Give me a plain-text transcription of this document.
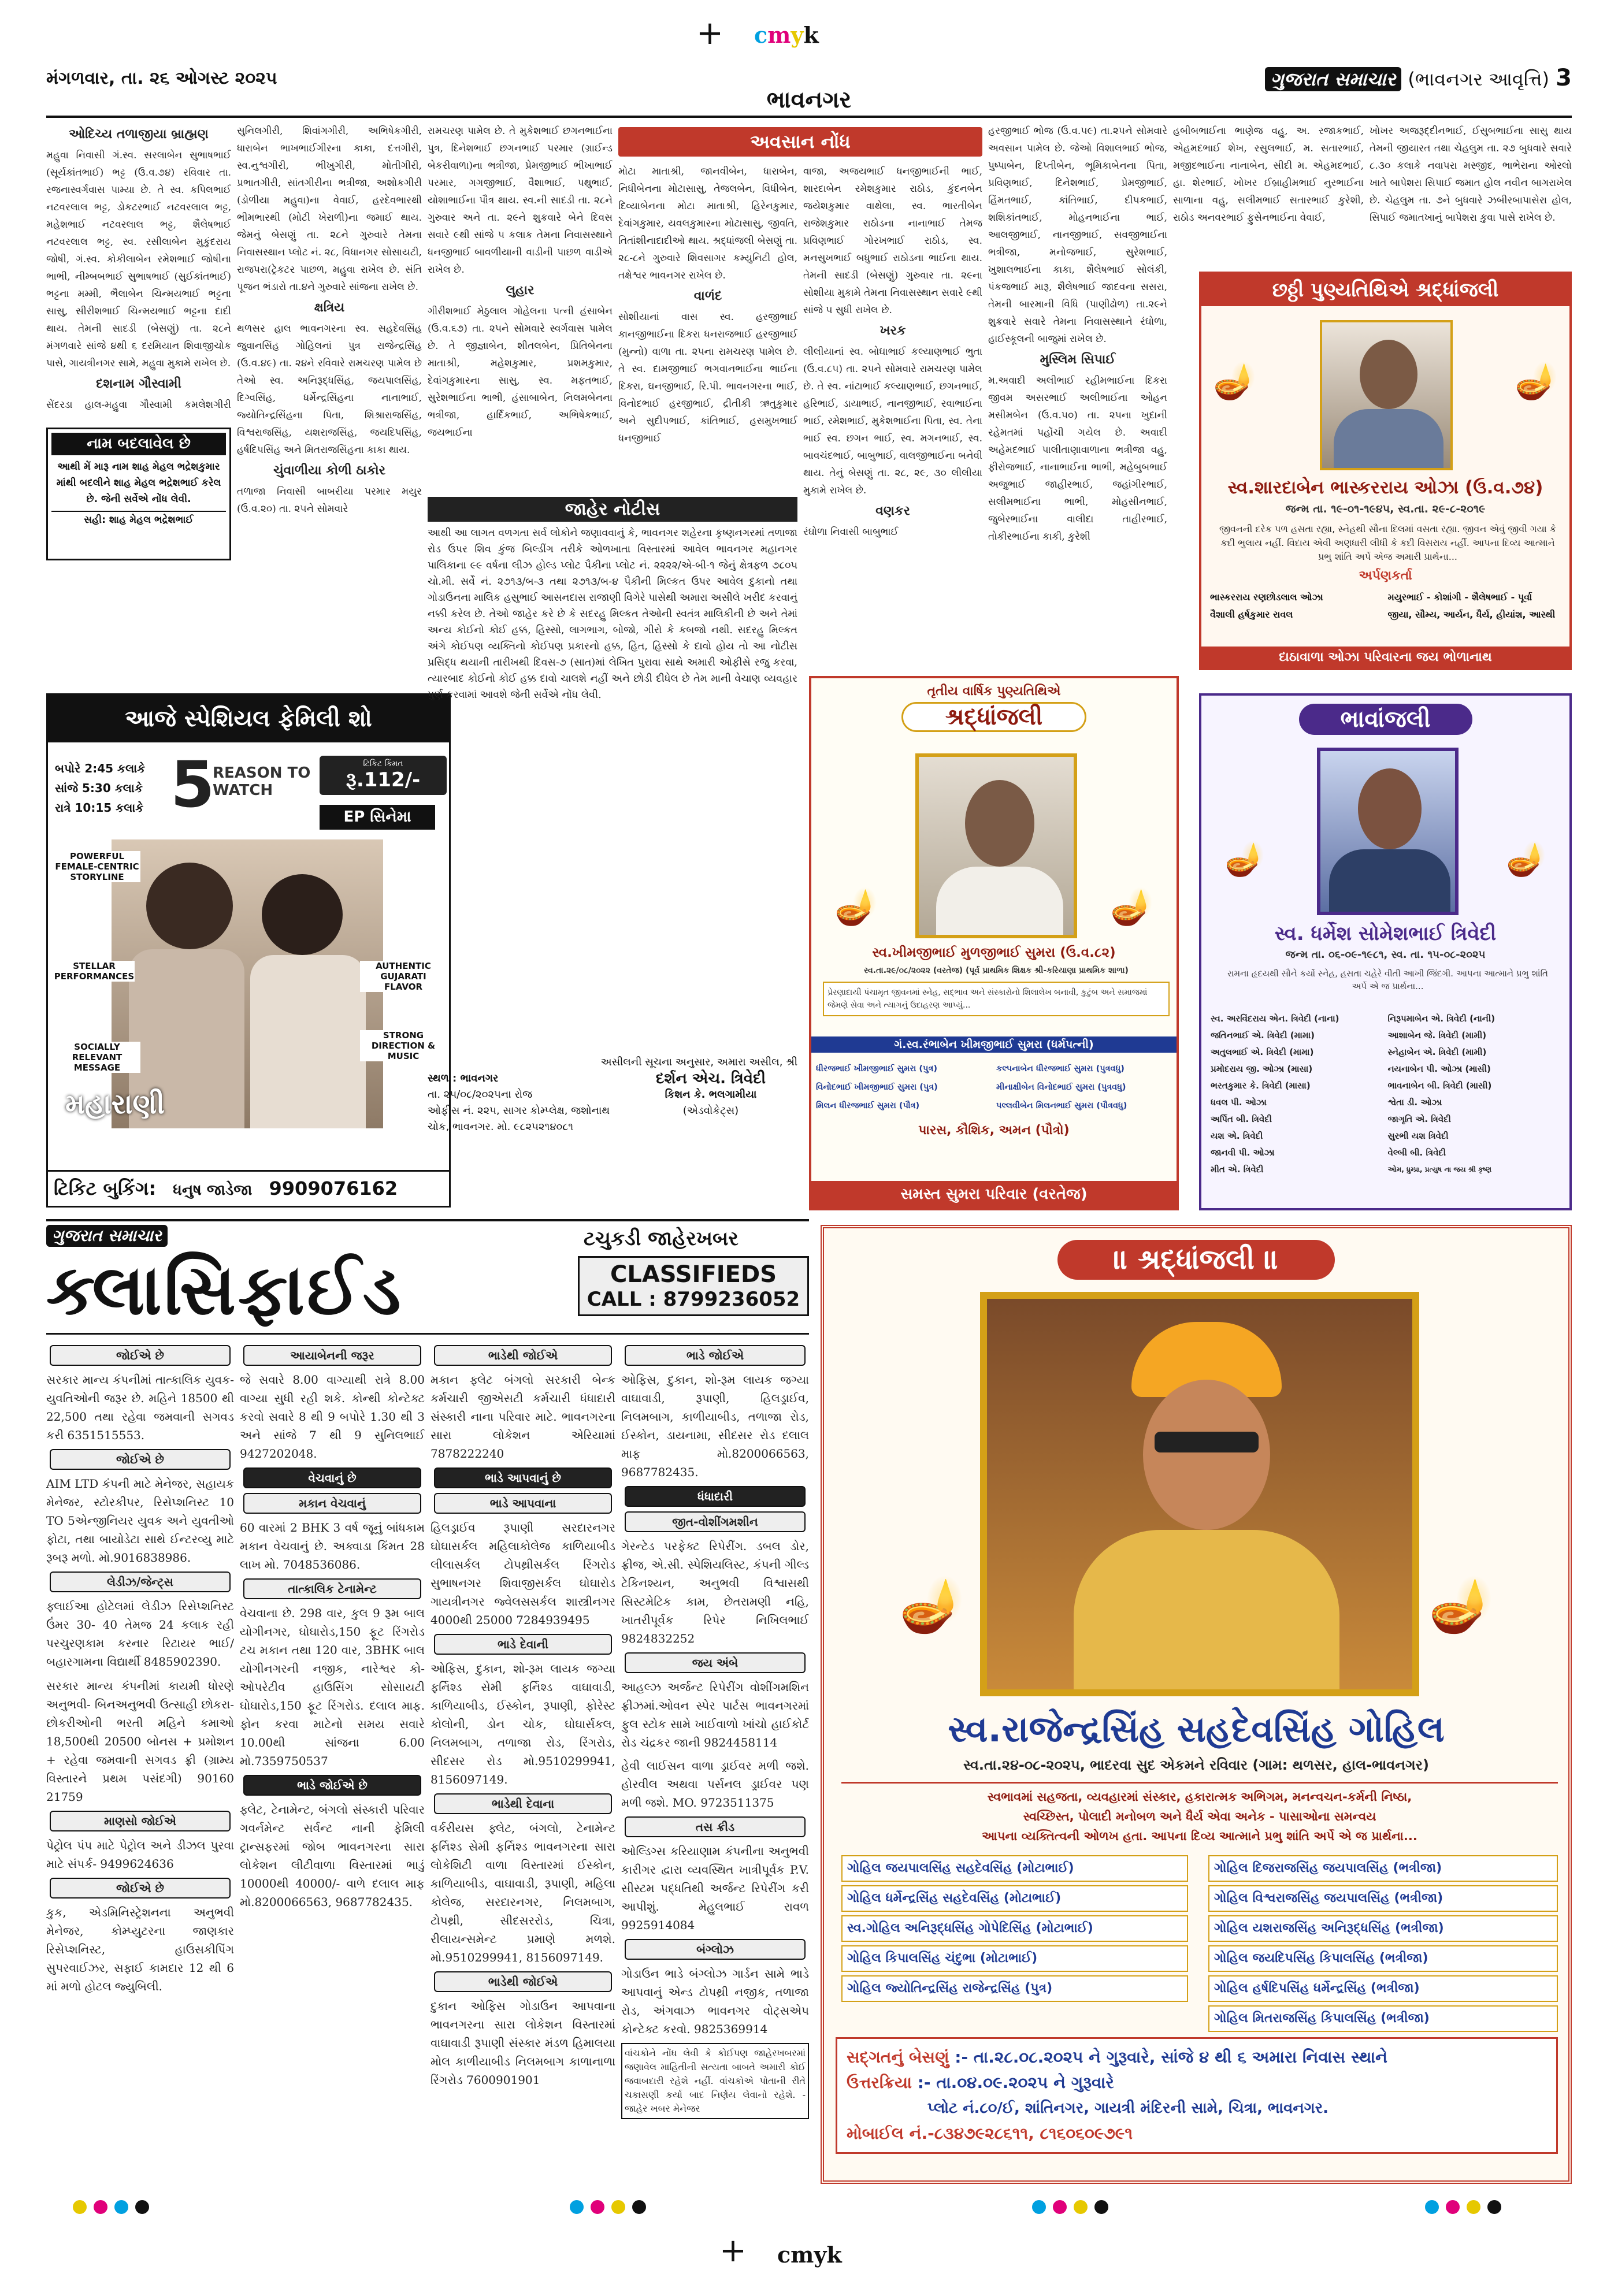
+ cmyk
મંગળવાર, તા. ૨૬ ઓગસ્ટ ૨૦૨૫
ભાવનગર
ગુજરાત સમાચાર (ભાવનગર આવૃત્તિ) 3
ઓદિચ્ય તળાજીયા બ્રાહ્મણ
મહુવા નિવાસી ગં.સ્વ. સરલાબેન સુભાષભાઈ (સૂર્યકાંતભાઈ) ભટ્ટ (ઉ.વ.૭૪) રવિવાર તા. રજનાસ્વર્ગવાસ પામ્યા છે. તે સ્વ. કપિલભાઈ નટવરલાલ ભટ્ટ, ડોકટરભાઈ નટવરલાલ ભટ્ટ, મહેશભાઈ નટવરલાલ ભટ્ટ, શૈલેષભાઈ નટવરલાલ ભટ્ટ, સ્વ. રસીલાબેન મુકુંદરાય જોષી, ગં.સ્વ. કોકીલાબેન રમેશભાઈ જોષીના ભાભી, નીમ્બબભાઈ સુભાષભાઈ (સુઈકાંતભાઈ) ભટ્ટના મમ્મી, ભૈલાબેન ચિન્મયભાઈ ભટ્ટના સાસુ, સીરીશભાઈ ચિન્મયભાઈ ભટ્ટના દાદી થાય. તેમની સાદડી (બેસણું) તા. ૨૮ને મંગળવારે સાંજે ૪થી ૬ દરમિયાન શિવાજીચોક પાસે, ગાયત્રીનગર સામે, મહુવા મુકામે રાખેલ છે.
દશનામ ગૌસ્વામી
સેંદરડા હાલ-મહુવા ગૌસ્વામી કમલેશગીરી
સુનિલગીરી, શિવાંગગીરી, અભિષેકગીરી, ધારાબેન ભાખભાઈગીરના કાકા, દત્તગીરી, સ્વ.નુશ્વગીરી, ભીખુગીરી, મોતીગીરી, પ્રભાતગીરી, સાંતગીરીના ભત્રીજા, અશોકગીરી (ડોળીયા મહુવા)ના વેવાઈ, હરદેવભારથી ભીમભારથી (મોટી ખેરાળી)ના જમાઈ થાય. જેમનું બેસણું તા. ૨૮ને ગુરુવારે તેમના નિવાસસ્થાન પ્લોટ નં. ૨૮, વિધાનગર સોસાયટી, રાજપરા(ટ્રેકટર પાછળ, મહુવા રાખેલ છે. સંતિ પૂજન ભંડારો તા.૪ને ગુરુવારે સાંજના રાખેલ છે.
ક્ષત્રિય
થળસર હાલ ભાવનગરના સ્વ. સહદેવસિંહ જુવાનસિંહ ગોહિલનાં પુત્ર રાજેન્દ્રસિંહ (ઉ.વ.૪૯) તા. ૨૪ને રવિવારે રામચરણ પામેલ છે તેઓ સ્વ. અનિરૂદ્ધસિંહ, જયપાલસિંહ, દિગ્વસિંહ, ધર્મેન્દ્રસિંહના નાનાભાઈ, જ્યોતિન્દ્રસિંહના પિતા, શિશ્રારાજસિંહ, વિશ્વરાજસિંહ, યશરાજસિંહ, જયદિપસિંહ, હર્ષદિપસિંહ અને મિતરાજસિંહના કાકા થાય.
ચુંવાળીયા કોળી ઠાકોર
તળાજા નિવાસી બાબરીયા પરમાર મયુર (ઉ.વ.૨૦) તા. ૨૫ને સોમવારે
રામચરણ પામેલ છે. તે મુકેશભાઈ છગનભાઈના પુત્ર, દિનેશભાઈ છગનભાઈ પરમાર (ગ્રાઈન્ડ બેકરીવાળા)ના ભત્રીજા, પ્રેમજીભાઈ ભીખાભાઈ પરમાર, ગગજીભાઈ, વૈશાભાઈ, પથુભાઈ, યોશાભાઈના પૌત્ર થાય. સ્વ.ની સાદડી તા. ૨૮ને ગુરુવાર અને તા. ૨૯ને શુક્રવારે બેને દિવસ સવારે ૯થી સાંજે ૫ કલાક તેમના નિવાસસ્થાને ધનજીભાઈ બાવળીયાની વાડીની પાછળ વાડીએ રાખેલ છે.
લુહાર
ગીરીશભાઈ મેઠુલાલ ગોહેલના પત્ની હંસાબેન (ઉ.વ.૬૭) તા. ૨૫ને સોમવારે સ્વર્ગવાસ પામેલ છે. તે જીજ્ઞાબેન, શીતલબેન, પ્રિતિબેનના માતાશ્રી, મહેશકુમાર, પ્રશમકુમાર, દેવાંગકુમારના સાસુ, સ્વ. મફતભાઈ, સુરેશભાઈના ભાભી, હંસાબાબેન, નિલમબેનના ભત્રીજા, હાર્દિકભાઈ, અભિષેકભાઈ, જયભાઈના
અવસાન નોંધ
મોટા માતાશ્રી, જાનવીબેન, ધારાબેન, નિધીબેનના મોટાસાસુ, તેજલબેન, વિધીબેન, દિવ્યાબેનના મોટા માતાશ્રી, હિરેનકુમાર, દેવાંગકુમાર, યવલકુમારના મોટાસાસુ, જીવતિ, તિતાંશીનાદાદીઓ થાય. શ્રદ્ધાંજલી બેસણું તા. ૨૮-૮ને ગુરુવારે શિવસાગર કમ્યુનિટી હોલ, તક્ષેશ્વર ભાવનગર રાખેલ છે.
વાળંદ
સોશીયાનાં વાસ સ્વ. હરજીભાઈ કાનજીભાઈના દિકરા ધનરાજભાઈ હરજીભાઈ (મુન્નો) વાળા તા. ૨૫ના રામચરણ પામેલ છે. તે સ્વ. દામજીભાઈ ભગવાનભાઈના ભાઈના દિકરા, ઘનજીભાઈ, રિ.પી. ભાવનગરના ભાઈ, વિનોદભાઈ હરજીભાઈ, દ્રીતીકી ઋતુકુમાર અને સુદીપભાઈ, કાંતિભાઈ, હસમુખભાઈ ધનજીભાઈ
વાજા, અજયભાઈ ધનજીભાઈની ભાઈ, શારદાબેન રમેશકુમાર રાઠોડ, કુંદનબેન જયેશકુમાર વાથેલા, સ્વ. ભારતીબેન રાજેશકુમાર રાઠોડના નાનાભાઈ તેમજ પ્રવિણભાઈ ગોરખભાઈ રાઠોડ, સ્વ. મનસુખભાઈ બધુભાઈ રાઠોડના ભાઈના થાય. તેમની સાદડી (બેસણું) ગુરુવાર તા. ૨૯ના સોશીયા મુકામે તેમના નિવાસસ્થાન સવારે ૯થી સાંજે ૫ સુધી રાખેલ છે.
ખરક
લીલીયાનાં સ્વ. બોઘાભાઈ કલ્યાણભાઈ ભુતા (ઉ.વ.૮૫) તા. ૨૫ને સોમવારે રામચરણ પામેલ છે. તે સ્વ. નાંટાભાઈ કલ્યાણભાઈ, છગનભાઈ, હરિભાઈ, ડાયાભાઈ, નાનજીભાઈ, રવાભાઈના ભાઈ, રમેશભાઈ, મુકેશભાઈના પિતા, સ્વ. તેના ભાઈ સ્વ. છગન ભાઈ, સ્વ. મગનભાઈ, સ્વ. બાવચંદભાઈ, બાબુભાઈ, વાલજીભાઈના બનેવી થાય. તેનું બેસણું તા. ૨૮, ૨૯, ૩૦ લીલીયા મુકામે રાખેલ છે.
વણકર
રંઘોળા નિવાસી બાબુભાઈ
હરજીભાઈ ભોજ (ઉ.વ.૫૯) તા.૨૫ને સોમવારે અવસાન પામેલ છે. જેઓ વિશાલભાઈ ભોજ, પુષ્પાબેન, દિપ્તીબેન, ભૂમિકાબેનના પિતા, પ્રવિણભાઈ, દિનેશભાઈ, પ્રેમજીભાઈ, હિંમતભાઈ, કાંતિભાઈ, દીપકભાઈ, શશિકાંતભાઈ, મોહનભાઈના ભાઈ, આલજીભાઈ, નાનજીભાઈ, સવજીભાઈના ભત્રીજા, મનોજભાઈ, સુરેશભાઈ, ખુશાલભાઈના કાકા, શૈલેષભાઈ સોલંકી, પંકજભાઈ મારૂ, શૈલેષભાઈ જાદવના સસરા, તેમની બારમાની વિધિ (પાણીઢોળ) તા.૨૯ને શુક્રવારે સવારે તેમના નિવાસસ્થાને રંઘોળા, હાઈસ્કૂલની બાજુમાં રાખેલ છે.
મુસ્લિમ સિપાઈ
મ.અવાદી અલીભાઈ રહીમભાઈના દિકરા જીવમ અસરભાઈ અલીભાઈના ઓહન મસીમબેન (ઉ.વ.૫૦) તા. ૨૫ના ખુદાની રહેમતમાં પહોંચી ગયેલ છે. અવાદી અહેમદભાઈ પાલીતાણાવાળાના ભત્રીજા વહુ, ફીરોજભાઈ, નાનાભાઈના ભાભી, મહેબુબભાઈ અજુભાઈ જાહીરભાઈ, જહાંગીરભાઈ, સલીમભાઈના ભાભી, મોહસીનભાઈ, જુબેરભાઈના વાલીદા તાહીરભાઈ, તોકીરભાઈના કાકી, કુરેશી
હબીબભાઈના ભાણેજ વહુ, અ. રજાકભાઈ, એહમદભાઈ શેખ, રસુલભાઈ, મ. સતારભાઈ, મજીદભાઈના નાનાબેન, સીદી મ. એહમદભાઈ, હા. શેરભાઈ, ખોખર ઈબ્રાહીમભાઈ નુરભાઈના સાળાના વહુ, સલીમભાઈ સતારભાઈ કુરેશી, રાઠોડ અનવરભાઈ ફુસેનભાઈના વેવાઈ,
ખોખર અજરૂદ્દીનભાઈ, ઈસુબભાઈના સાસુ થાય તેમની જીયારત તથા ચેહલુમ તા. ૨૭ બુધવારે સવારે ૮.૩૦ કલાકે નવાપરા મસ્જીદ, ભાભેરાના ઓરલો ખાતે બાપેશરા સિપાઈ જમાત હોલ નવીન બાગરાખેલ છે. ચેહલુમ તા. ૭ને બુધવારે ઝબીરબાપાસેરા હોલ, સિપાઈ જમાતખાનું બાપેશરા કુવા પાસે રાખેલ છે.
નામ બદલાવેલ છે
આથી મેં મારૂ નામ શાહ મેહલ ભદ્રેશકુમાર માંથી બદલીને શાહ મેહલ ભદ્રેશભાઈ કરેલ છે. જેની સર્વેએ નોંધ લેવી.
સહી: શાહ મેહલ ભદ્રેશભાઈ
આજે સ્પેશિયલ ફેમિલી શો
બપોરે 2:45 કલાકે
સાંજે 5:30 કલાકે
રાત્રે 10:15 કલાકે 5
REASON TO WATCH
ટિકિટ કિંમત
રૂ.112/-
EP સિનેમા
POWERFUL FEMALE-CENTRIC STORYLINE
STELLAR PERFORMANCES
AUTHENTIC GUJARATI FLAVOR
STRONG DIRECTION & MUSIC
SOCIALLY RELEVANT MESSAGE
મહારાણી
ટિકિટ બુકિંગ: ધનુષ જાડેજા 9909076162
જાહેર નોટીસ
આથી આ લાગત વળગતા સર્વ લોકોને જણાવવાનું કે, ભાવનગર શહેરના કૃષ્ણનગરમાં તળાજા રોડ ઉપર શિવ કુંજ બિલ્ડીંગ તરીકે ઓળખાતા વિસ્તારમાં આવેલ ભાવનગર મહાનગર પાલિકાના ૯૯ વર્ષના લીઝ હોલ્ડ પ્લોટ પૈકીના પ્લોટ નં. ૨૨૨૨/એ-બી-૧ જેનું ક્ષેત્રફળ ૭૮૦૫ ચો.મી. સર્વે નં. ૨૭૧૩/બ-૩ તથા ૨૭૧૩/બ-૪ પૈકીની મિલ્કત ઉપર આવેલ દુકાનો તથા ગોડાઉનના માલિક હસુભાઈ આસનદાસ રાજાણી વિગેરે પાસેથી અમારા અસીલે ખરીદ કરવાનું નક્કી કરેલ છે. તેઓ જાહેર કરે છે કે સદરહુ મિલ્કત તેઓની સ્વતંત્ર માલિકીની છે અને તેમાં અન્ય કોઈનો કોઈ હક્ક, હિસ્સો, લાગભાગ, બોજો, ગીરો કે કબજો નથી. સદરહુ મિલ્કત અંગે કોઈપણ વ્યક્તિનો કોઈપણ પ્રકારનો હક્ક, હિત, હિસ્સો કે દાવો હોય તો આ નોટીસ પ્રસિદ્ધ થયાની તારીખથી દિવસ-૭ (સાત)માં લેખિત પુરાવા સાથે અમારી ઓફીસે રજુ કરવા, ત્યારબાદ કોઈનો કોઈ હક્ક દાવો ચાલશે નહીં અને છોડી દીધેલ છે તેમ માની વેચાણ વ્યવહાર પુર્ણ કરવામાં આવશે જેની સર્વેએ નોંધ લેવી.
અસીલની સૂચના અનુસાર, અમારા અસીલ, શ્રી
સ્થળ : ભાવનગર
તા. ૨૫/૦૮/૨૦૨૫ના રોજ
ઓફીસ નં. ૨૨૫, સાગર કોમ્પ્લેક્ષ, જશોનાથ ચોક, ભાવનગર. મો. ૯૮૨૫૨૧૪૦૮૧
દર્શન એચ. ત્રિવેદી
કિશન કે. ભલગામીયા
(એડવોકેટ્સ)
છઠ્ઠી પુણ્યતિથિએ શ્રદ્ધાંજલી
🪔	🪔
સ્વ.શારદાબેન ભાસ્કરરાય ઓઝા (ઉ.વ.૭૪)
જન્મ તા. ૧૯-૦૧-૧૯૪૫, સ્વ.તા. ૨૯-૮-૨૦૧૯
જીવનની દરેક પળ હસતા રહ્યા, સ્નેહથી સૌના દિલમાં વસતા રહ્યા. જીવન એવું જીવી ગયા કે કદી ભુલાય નહીં. વિદાય એવી અણધારી લીધી કે કદી વિસરાય નહીં. આપના દિવ્ય આત્માને પ્રભુ શાંતિ અર્પે એજ અમારી પ્રાર્થના...
અર્પણકર્તા
ભાસ્કરરાય રણછોડલાલ ઓઝા	મયુરભાઈ - કોશાંગી - શૈલેષભાઈ - પૂર્વા
વૈશાલી હર્ષકુમાર રાવલ	જીયા, સૌમ્ય, આર્યન, ધૈર્ય, હીયાંશ, આસ્થી
દાઠાવાળા ઓઝા પરિવારના જય ભોળાનાથ
તૃતીય વાર્ષિક પુણ્યતિથિએ
શ્રદ્ધાંજલી
🪔	🪔
સ્વ.ખીમજીભાઈ મુળજીભાઈ સુમરા (ઉ.વ.૮૨)
સ્વ.તા.૨૯/૦૮/૨૦૨૨ (વરતેજ) (પૂર્વ પ્રાથમિક શિક્ષક શ્રી-કરિયાણા પ્રાથમિક શાળા)
પ્રેરણાદાયી પંચામૃત જીવનમાં સ્નેહ, સદ્ભાવ અને સંસ્કારોનો શિલાલેખ બનાવી, કુટુંબ અને સમાજમાં જેમણે સેવા અને ત્યાગનું ઉદાહરણ આપ્યું...
ગં.સ્વ.રંભાબેન ખીમજીભાઈ સુમરા (ધર્મપત્ની)
ધીરજભાઈ ખીમજીભાઈ સુમરા (પુત્ર)	કલ્પનાબેન ધીરજભાઈ સુમરા (પુત્રવધુ)
વિનોદભાઈ ખીમજીભાઈ સુમરા (પુત્ર)	મીનાક્ષીબેન વિનોદભાઈ સુમરા (પુત્રવધુ)
મિલન ધીરજભાઈ સુમરા (પૌત્ર)	પલ્લવીબેન મિલનભાઈ સુમરા (પૌત્રવધુ)
પારસ, કૌશિક, અમન (પૌત્રો)
સમસ્ત સુમરા પરિવાર (વરતેજ)
ભાવાંજલી
🪔	🪔
સ્વ. ધર્મેશ સોમેશભાઈ ત્રિવેદી
જન્મ તા. ૦૬-૦૯-૧૯૮૧, સ્વ. તા. ૧૫-૦૮-૨૦૨૫
રામના હૃદયથી સૌને કર્યો સ્નેહ, હસતા ચહેરે વીતી આખી જિંદગી. આપના આત્માને પ્રભુ શાંતિ અર્પે એ જ પ્રાર્થના...
સ્વ. અરવિંદરાય એન. ત્રિવેદી (નાના)	નિરૂપમાબેન એ. ત્રિવેદી (નાની)
જતિનભાઈ એ. ત્રિવેદી (મામા)	આશાબેન જે. ત્રિવેદી (મામી)
અતુલભાઈ એ. ત્રિવેદી (મામા)	સ્નેહાબેન એ. ત્રિવેદી (મામી)
પ્રમોદરાય જી. ઓઝા (માસા)	નયનાબેન પી. ઓઝા (માસી)
ભરતકુમાર કે. ત્રિવેદી (માસા)	ભાવનાબેન બી. ત્રિવેદી (માસી)
ધવલ પી. ઓઝા	શ્વેતા ડી. ઓઝા
અર્પિત બી. ત્રિવેદી	જાગૃતિ એ. ત્રિવેદી
યશ એ. ત્રિવેદી	સુરભી યશ ત્રિવેદી
જાનવી પી. ઓઝા	વેલ્બી બી. ત્રિવેદી
મીત એ. ત્રિવેદી	ઓમ, ધ્રુમ્પ્રા, પ્રત્યુષ ના જય શ્રી કૃષ્ણ
ગુજરાત સમાચાર
ક્લાસિફાઈડ
ટચુકડી જાહેરખબર
CLASSIFIEDS
CALL : 8799236052
જોઈએ છે
સરકાર માન્ય કંપનીમાં તાત્કાલિક યુવક- યુવતિઓની જરૂર છે. મહિને 18500 થી 22,500 તથા રહેવા જમવાની સગવડ કરી 6351515553.
જોઈએ છે
AIM LTD કંપની માટે મેનેજર, સહાયક મેનેજર, સ્ટોરકીપર, રિસેપ્શનિસ્ટ 10 TO 5એન્જીનિયર યુવક અને યુવતીઓ ફોટા, તથા બાયોડેટા સાથે ઈન્ટરવ્યુ માટે રૂબરૂ મળો. મો.9016838986.
લેડીઝ/જેન્ટ્સ
ફ્લાઈઆ હોટેલમાં લેડીઝ રિસેપ્શનિસ્ટ ઉંમર 30- 40 તેમજ 24 કલાક રહી પરચુરણકામ કરનાર રિટાયર ભાઈ/ બહારગામના વિદ્યાર્થી 8485902390.
સરકાર માન્ય કંપનીમાં કાયમી ધોરણે અનુભવી- બિનઅનુભવી ઉત્સાહી છોકરા- છોકરીઓની ભરતી મહિને કમાઓ 18,500થી 20500 બોનસ + પ્રમોશન + રહેવા જમવાની સગવડ ફ્રી (ગ્રામ્ય વિસ્તારને પ્રથમ પસંદગી) 90160 21759
માણસો જોઈએ
પેટ્રોલ પંપ માટે પેટ્રોલ અને ડીઝલ પુરવા માટે સંપર્ક- 9499624636
જોઈએ છે
કુક, એડમિનિસ્ટ્રેશનના અનુભવી મેનેજર, કોમ્પ્યુટરના જાણકાર રિસેપ્શનિસ્ટ, હાઉસકીપિંગ સુપરવાઈઝર, સફાઈ કામદાર 12 થી 6 માં મળો હોટલ જ્યુબિલી.
આયાબેનની જરૂર
જે સવારે 8.00 વાગ્યાથી રાત્રે 8.00 વાગ્યા સુધી રહી શકે. કોન્થી કોન્ટેક્ટ કરવો સવારે 8 થી 9 બપોરે 1.30 થી 3 અને સાંજે 7 થી 9 સુનિલભાઈ 9427202048.
વેચવાનું છે
મકાન વેચવાનું
60 વારમાં 2 BHK 3 વર્ષ જૂનું બાંધકામ મકાન વેચવાનું છે. અક્વાડા કિંમત 28 લાખ મો. 7048536086.
તાત્કાલિક ટેનામેન્ટ
વેચવાના છે. 298 વાર, કુલ 9 રૂમ બાલ યોગીનગર, ઘોઘારોડ,150 ફૂટ રિંગરોડ ટચ મકાન તથા 120 વાર, 3BHK બાલ યોગીનગરની નજીક, નારેશ્વર કો-ઓપરેટીવ હાઉસિંગ સોસાયટી ઘોઘારોડ,150 ફૂટ રિંગરોડ. દલાલ માફ. ફોન કરવા માટેનો સમય સવારે 10.00થી સાંજના 6.00 મો.7359750537
ભાડે જોઈએ છે
ફ્લેટ, ટેનામેન્ટ, બંગલો સંસ્કારી પરિવાર ગવર્નમેન્ટ સર્વન્ટ નાની ફેમિલી ટ્રાન્સફરમાં જોબ ભાવનગરના સારા લોકેશન લીટીવાળા વિસ્તારમાં ભાડું 10000થી 40000/- વાળે દલાલ માફ મો.8200066563, 9687782435.
ભાડેથી જોઈએ
મકાન ફ્લેટ બંગલો સરકારી બેન્ક કર્મચારી જીએસટી કર્મચારી ધંધાદારી સંસ્કારી નાના પરિવાર માટે. ભાવનગરના સારા લોકેશન એરિયામાં 7878222240
ભાડે આપવાનું છે
ભાડે આપવાના
હિલડ્રાઈવ રૂપાણી સરદારનગર ઘોઘાસર્કલ મહિલાકોલેજ કાળિયાબીડ લીલાસર્કલ ટોપથ્રીસર્કલ રિંગરોડ સુભાષનગર શિવાજીસર્કલ ઘોઘારોડ ગાયત્રીનગર જ્વેલસસર્કલ શાસ્ત્રીનગર 4000થી 25000 7284939495
ભાડે દેવાની
ઓફિસ, દુકાન, શો-રૂમ લાયક જગ્યા ફર્નિશ્ડ સેમી ફર્નિશ્ડ વાઘાવાડી, કાળિયાબીડ, ઈસ્કોન, રૂપાણી, ફોરેસ્ટ કોલોની, ડોન ચોક, ઘોઘાર્સકલ, નિલમબાગ, તળાજા રોડ, રિંગરોડ, સીદસર રોડ મો.9510299941, 8156097149.
ભાડેથી દેવાના
વર્કરીયસ ફ્લેટ, બંગલો, ટેનામેન્ટ ફર્નિશ્ડ સેમી ફર્નિશ્ડ ભાવનગરના સારા લોકેશિટી વાળા વિસ્તારમાં ઈસ્કોન, કાળિયાબીડ, વાઘાવાડી, રૂપાણી, મહિલા કોલેજ, સરદારનગર, નિલમબાગ, ટોપથ્રી, સીદસરરોડ, ચિત્રા, રીલાયન્સમેન્ટ પ્રમાણે મળશે. મો.9510299941, 8156097149.
ભાડેથી જોઈએ
દુકાન ઓફિસ ગોડાઉન આપવાના ભાવનગરના સારા લોકેશન વિસ્તારમાં વાઘાવાડી રૂપાણી સંસ્કાર મંડળ હિમાલયા મોલ કાળીયાબીડ નિલમબાગ કાળાનાળા રિંગરોડ 7600901901
ભાડે જોઈએ
ઓફિસ, દુકાન, શો-રૂમ લાયક જગ્યા વાઘાવાડી, રૂપાણી, હિલડ્રાઈવ, નિલમબાગ, કાળીયાબીડ, તળાજા રોડ, ઈસ્કોન, ડાયનામા, સીદસર રોડ દલાલ માફ મો.8200066563, 9687782435.
ધંધાદારી
જીત-વોશીંગમશીન
ગેરન્ટેડ પરફેક્ટ રિપેરીંગ. ડબલ ડોર, ફ્રીજ, એ.સી. સ્પેશિયલિસ્ટ, કંપની ગીલ્ડ ટેકિનશ્યન, અનુભવી વિશ્વાસથી સિસ્ટમેટિક કામ, છેતરામણી નહિ, ખાતરીપૂર્વક રિપેર નિખિલભાઈ 9824832252
જય અંબે
આહલ્ઝ અર્જન્ટ રિપેરીંગ વોશીંગમશિન ફ્રીઝમાં.ઓવન સ્પેર પાર્ટસ ભાવનગરમાં ફુલ સ્ટોક સામે ખાઈવાળો ખાંચો હાઈકોર્ટ રોડ ચંદ્રકર જાની 9824458114
હેવી લાઈસન વાળા ડ્રાઈવર મળી જશે. હોરવીલ અથવા પર્સનલ ડ્રાઈવર પણ મળી જશે. MO. 9723511375
તસ ક્રીડ
ઓલ્ડિગ્સ કરિયાણામ કંપનીના અનુભવી કારીગર દ્વારા વ્યવસ્થિત ખાત્રીપૂર્વક P.V. સીસ્ટમ પદ્ધતિથી અર્જન્ટ રિપેરીંગ કરી આપીશું. મેહુલભાઈ રાવળ 9925914084
બંગ્લોઝ
ગોડાઉન ભાડે બંગ્લોઝ ગાર્ડન સામે ભાડે આપવાનું એન્ડ ટોપથ્રી નજીક, તળાજા રોડ, અંગવાઝ ભાવનગર વોટ્સએપ કોન્ટેક્ટ કરવો. 9825369914
વાંચકોને નોંધ લેવી કે કોઈપણ જાહેરખબરમાં જણાવેલ માહિતીની સત્યતા બાબતે અમારી કોઈ જવાબદારી રહેશે નહીં. વાંચકોએ પોતાની રીતે ચકાસણી કર્યા બાદ નિર્ણય લેવાનો રહેશે. - જાહેર ખબર મેનેજર
॥ શ્રદ્ધાંજલી ॥
🪔	🪔
સ્વ.રાજેન્દ્રસિંહ સહદેવસિંહ ગોહિલ
સ્વ.તા.૨૪-૦૮-૨૦૨૫, ભાદરવા સુદ એકમને રવિવાર (ગામ: થળસર, હાલ-ભાવનગર)
સ્વભાવમાં સહજતા, વ્યવહારમાં સંસ્કાર, હકારાત્મક અભિગમ, મનન્વચન-કર્મની નિષ્ઠા,
સ્વચ્છિસ્ત, પોલાદી મનોબળ અને ધૈર્ય એવા અનેક - પાસાઓના સમન્વય
આપના વ્યક્તિત્વની ઓળખ હતા. આપના દિવ્ય આત્માને પ્રભુ શાંતિ અર્પે એ જ પ્રાર્થના...
ગોહિલ જયપાલસિંહ સહદેવસિંહ (મોટાભાઈ)
ગોહિલ ધર્મેન્દ્રસિંહ સહદેવસિંહ (મોટાભાઈ)
સ્વ.ગોહિલ અનિરૂદ્ધસિંહ ગોપેદિસિંહ (મોટાભાઈ)
ગોહિલ કિપાલસિંહ ચંદુભા (મોટાભાઈ)
ગોહિલ જ્યોતિન્દ્રસિંહ રાજેન્દ્રસિંહ (પુત્ર)
ગોહિલ દિજરાજસિંહ જયપાલસિંહ (ભત્રીજા)
ગોહિલ વિશ્વરાજસિંહ જયપાલસિંહ (ભત્રીજા)
ગોહિલ યશરાજસિંહ અનિરૂદ્ધસિંહ (ભત્રીજા)
ગોહિલ જયદિપસિંહ કિપાલસિંહ (ભત્રીજા)
ગોહિલ હર્ષદિપસિંહ ધર્મેન્દ્રસિંહ (ભત્રીજા)
ગોહિલ મિતરાજસિંહ કિપાલસિંહ (ભત્રીજા)
સદ્ગતનું બેસણું :- તા.૨૮.૦૮.૨૦૨૫ ને ગુરૂવારે, સાંજે ૪ થી ૬ અમારા નિવાસ સ્થાને
ઉત્તરક્રિયા :- તા.૦૪.૦૯.૨૦૨૫ ને ગુરૂવારે
પ્લોટ નં.૮૦/ઈ, શાંતિનગર, ગાયત્રી મંદિરની સામે, ચિત્રા, ભાવનગર.
મોબાઈલ નં.-૮૩૪૭૯૨૮૬૧૧, ૮૧૬૦૬૦૯૭૯૧
+ cmyk
